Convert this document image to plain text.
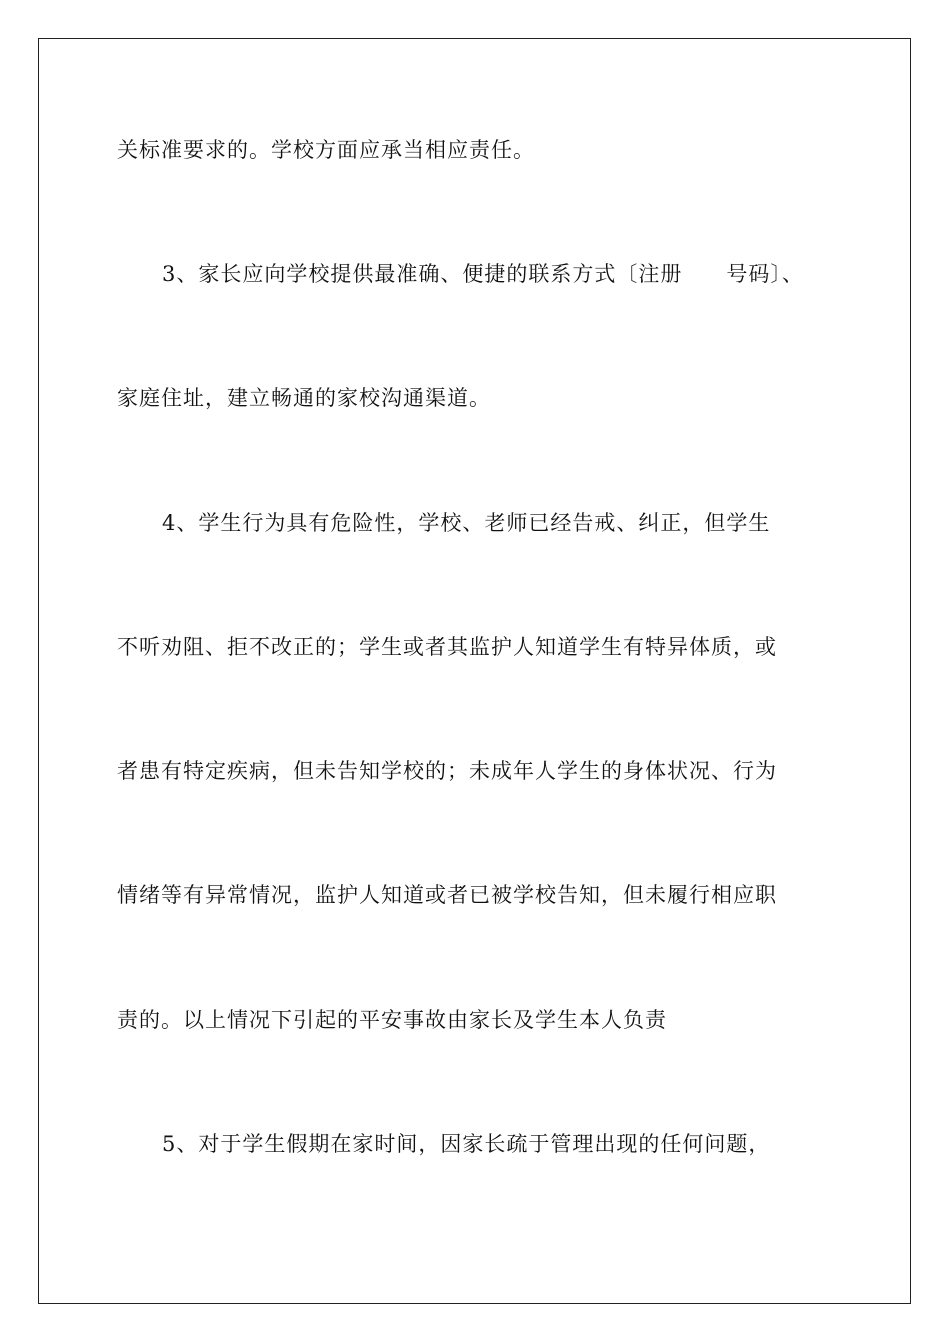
关标准要求的。学校方面应承当相应责任。
3、家长应向学校提供最准确、便捷的联系方式〔注册　　号码〕、
家庭住址，建立畅通的家校沟通渠道。
4、学生行为具有危险性，学校、老师已经告戒、纠正，但学生
不听劝阻、拒不改正的；学生或者其监护人知道学生有特异体质，或
者患有特定疾病，但未告知学校的；未成年人学生的身体状况、行为
情绪等有异常情况，监护人知道或者已被学校告知，但未履行相应职
责的。以上情况下引起的平安事故由家长及学生本人负责
5、对于学生假期在家时间，因家长疏于管理出现的任何问题，
